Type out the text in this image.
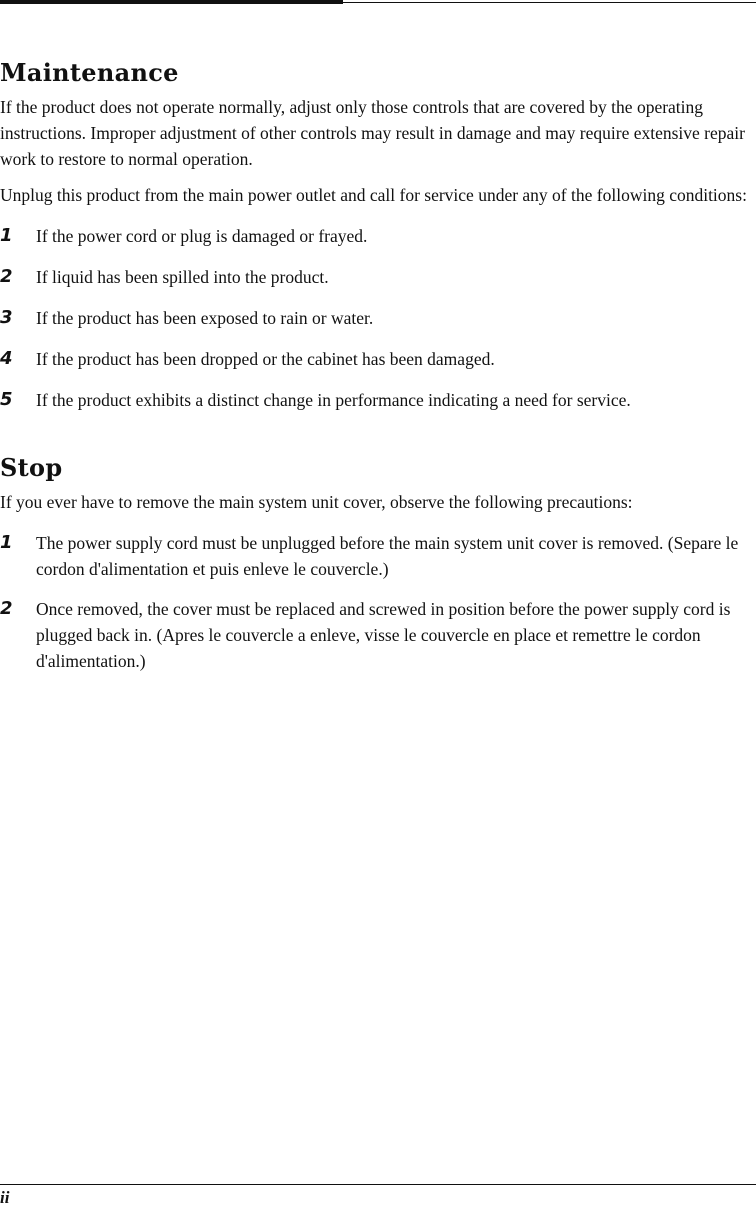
Maintenance

If the product does not operate normally, adjust only those controls that are covered by the operating instructions. Improper adjustment of other controls may result in damage and may require extensive repair work to restore to normal operation.

Unplug this product from the main power outlet and call for service under any of the following conditions:

1 If the power cord or plug is damaged or frayed.
2 If liquid has been spilled into the product.
3 If the product has been exposed to rain or water.
4 If the product has been dropped or the cabinet has been damaged.
5 If the product exhibits a distinct change in performance indicating a need for service.
Stop

If you ever have to remove the main system unit cover, observe the following precautions:

1 The power supply cord must be unplugged before the main system unit cover is removed. (Separe le cordon d'alimentation et puis enleve le couvercle.)
2 Once removed, the cover must be replaced and screwed in position before the power supply cord is plugged back in. (Apres le couvercle a enleve, visse le couvercle en place et remettre le cordon d'alimentation.)
ii
